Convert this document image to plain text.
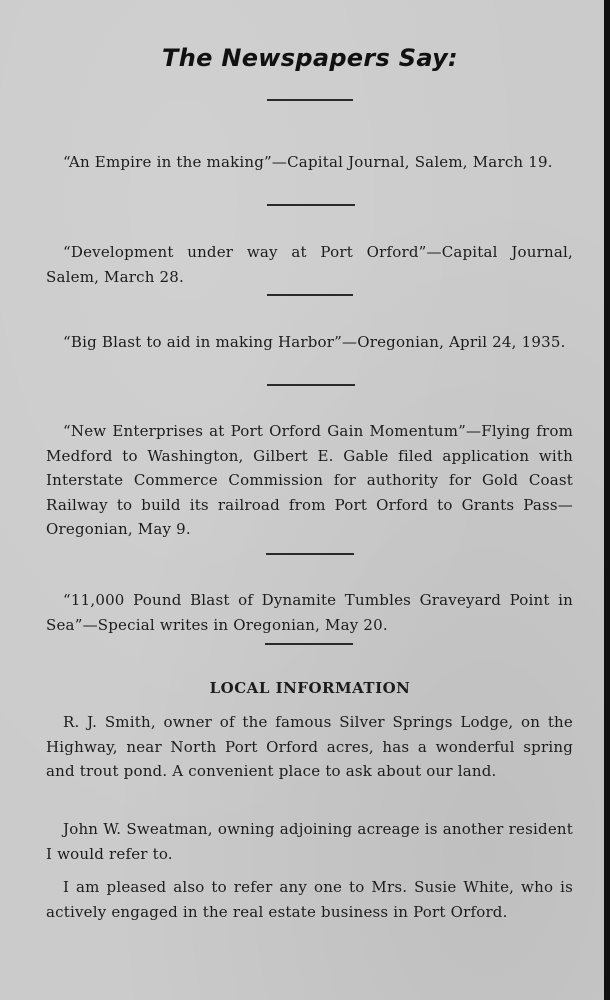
The Newspapers Say:
“An Empire in the making”—Capital Journal, Salem, March 19.
“Development under way at Port Orford”—Capital Journal, Salem, March 28.
“Big Blast to aid in making Harbor”—Oregonian, April 24, 1935.
“New Enterprises at Port Orford Gain Momentum”—Flying from Medford to Washington, Gilbert E. Gable filed application with Interstate Commerce Commission for authority for Gold Coast Railway to build its railroad from Port Orford to Grants Pass—Oregonian, May 9.
“11,000 Pound Blast of Dynamite Tumbles Graveyard Point in Sea”—Special writes in Oregonian, May 20.
LOCAL INFORMATION
R. J. Smith, owner of the famous Silver Springs Lodge, on the Highway, near North Port Orford acres, has a wonderful spring and trout pond. A convenient place to ask about our land.
John W. Sweatman, owning adjoining acreage is another resident I would refer to.
I am pleased also to refer any one to Mrs. Susie White, who is actively engaged in the real estate business in Port Orford.
